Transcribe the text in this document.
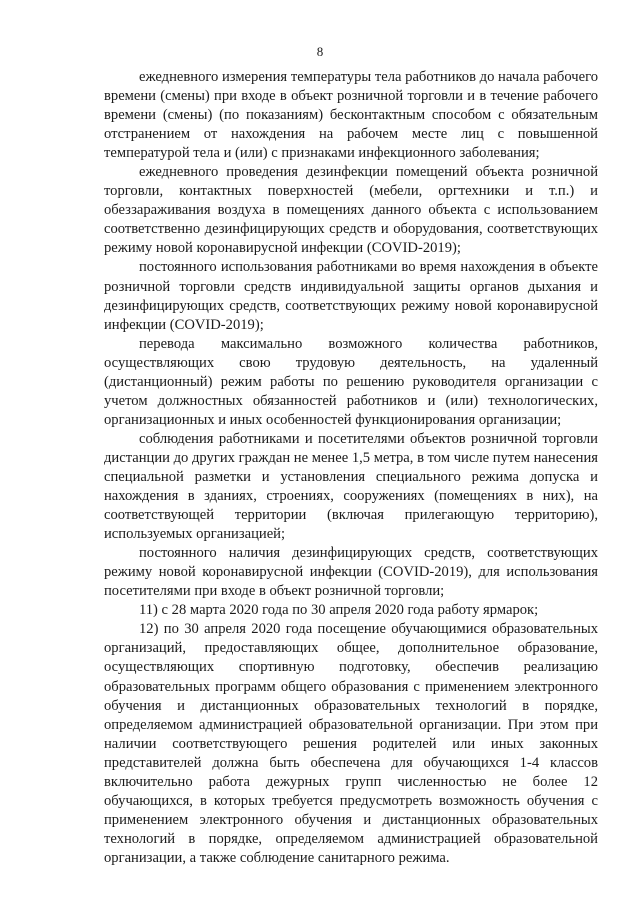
8

ежедневного измерения температуры тела работников до начала рабочего времени (смены) при входе в объект розничной торговли и в течение рабочего времени (смены) (по показаниям) бесконтактным способом с обязательным отстранением от нахождения на рабочем месте лиц с повышенной температурой тела и (или) с признаками инфекционного заболевания;

ежедневного проведения дезинфекции помещений объекта розничной торговли, контактных поверхностей (мебели, оргтехники и т.п.) и обеззараживания воздуха в помещениях данного объекта с использованием соответственно дезинфицирующих средств и оборудования, соответствующих режиму новой коронавирусной инфекции (COVID-2019);

постоянного использования работниками во время нахождения в объекте розничной торговли средств индивидуальной защиты органов дыхания и дезинфицирующих средств, соответствующих режиму новой коронавирусной инфекции (COVID-2019);

перевода максимально возможного количества работников, осуществляющих свою трудовую деятельность, на удаленный (дистанционный) режим работы по решению руководителя организации с учетом должностных обязанностей работников и (или) технологических, организационных и иных особенностей функционирования организации;

соблюдения работниками и посетителями объектов розничной торговли дистанции до других граждан не менее 1,5 метра, в том числе путем нанесения специальной разметки и установления специального режима допуска и нахождения в зданиях, строениях, сооружениях (помещениях в них), на соответствующей территории (включая прилегающую территорию), используемых организацией;

постоянного наличия дезинфицирующих средств, соответствующих режиму новой коронавирусной инфекции (COVID-2019), для использования посетителями при входе в объект розничной торговли;

11) с 28 марта 2020 года по 30 апреля 2020 года работу ярмарок;

12) по 30 апреля 2020 года посещение обучающимися образовательных организаций, предоставляющих общее, дополнительное образование, осуществляющих спортивную подготовку, обеспечив реализацию образовательных программ общего образования с применением электронного обучения и дистанционных образовательных технологий в порядке, определяемом администрацией образовательной организации. При этом при наличии соответствующего решения родителей или иных законных представителей должна быть обеспечена для обучающихся 1-4 классов включительно работа дежурных групп численностью не более 12 обучающихся, в которых требуется предусмотреть возможность обучения с применением электронного обучения и дистанционных образовательных технологий в порядке, определяемом администрацией образовательной организации, а также соблюдение санитарного режима.
